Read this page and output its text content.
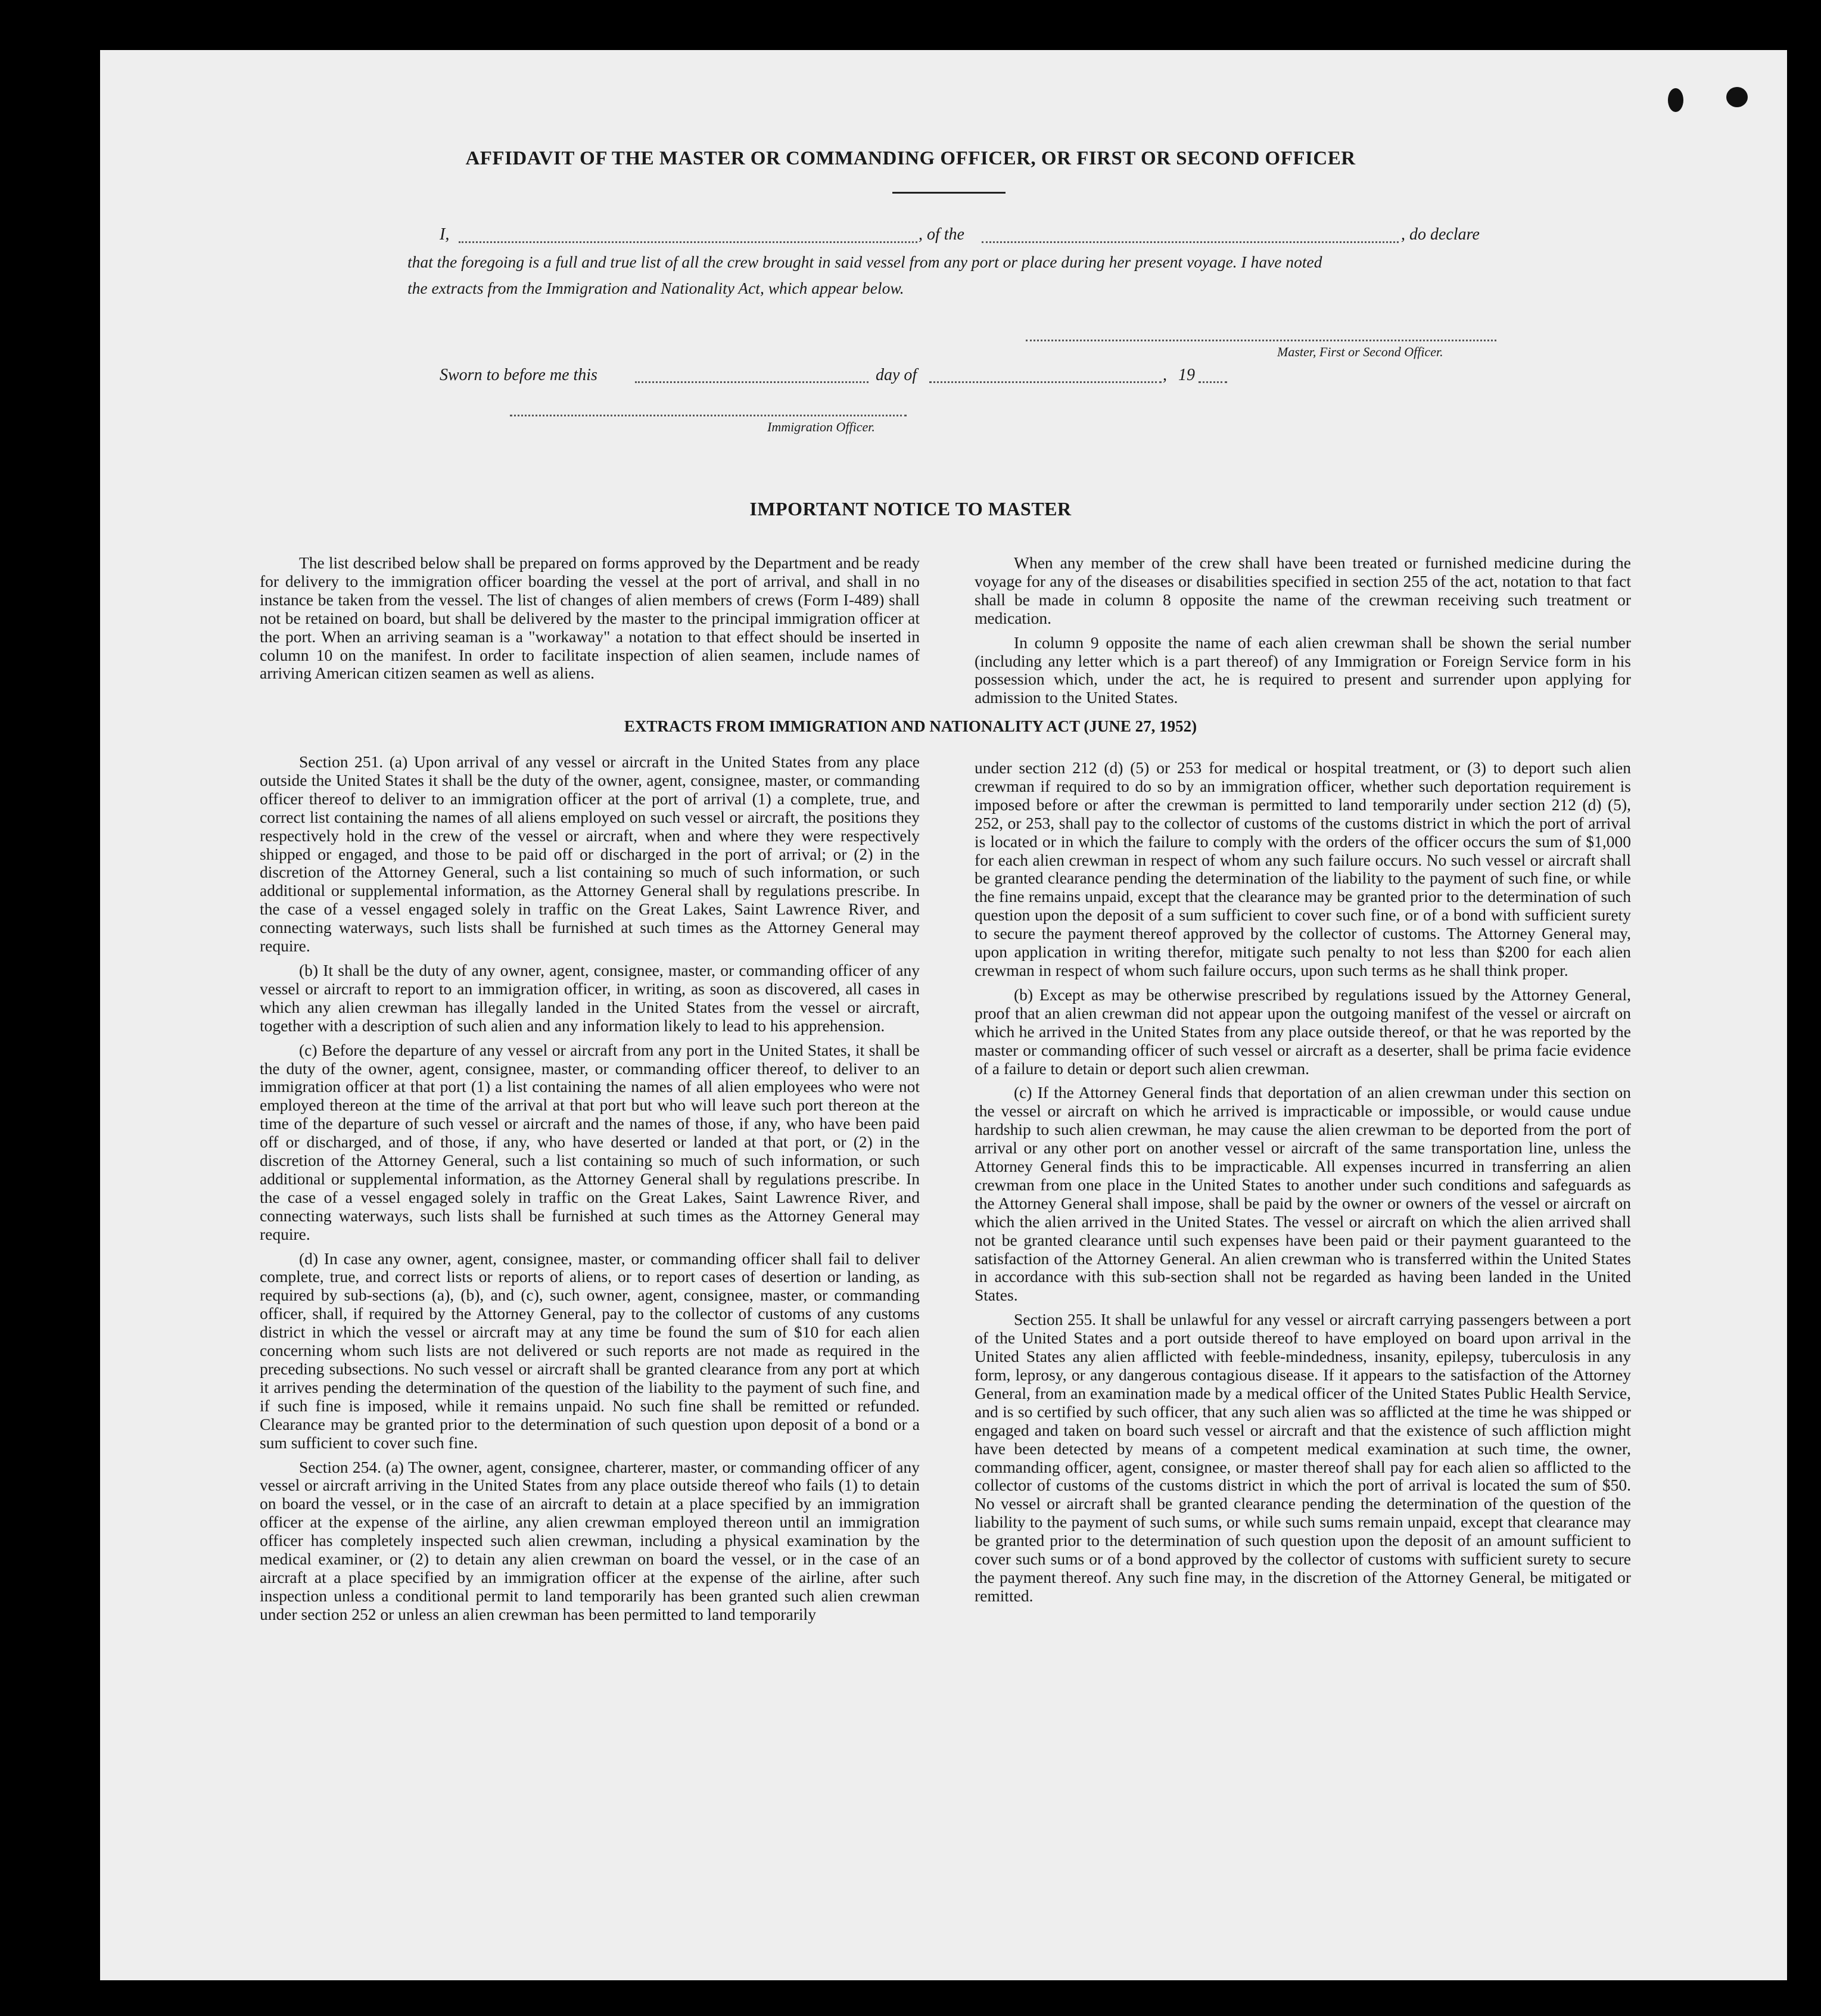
AFFIDAVIT OF THE MASTER OR COMMANDING OFFICER, OR FIRST OR SECOND OFFICER
I,	, of the	, do declare
that the foregoing is a full and true list of all the crew brought in said vessel from any port or place during her present voyage. I have noted
the extracts from the Immigration and Nationality Act, which appear below.
Master, First or Second Officer.
Sworn to before me this	day of	, 19
Immigration Officer.
IMPORTANT NOTICE TO MASTER

The list described below shall be prepared on forms approved by the Department and be ready for delivery to the immigration officer boarding the vessel at the port of arrival, and shall in no instance be taken from the vessel. The list of changes of alien members of crews (Form I-489) shall not be retained on board, but shall be delivered by the master to the principal immigration officer at the port. When an arriving seaman is a "workaway" a notation to that effect should be inserted in column 10 on the manifest. In order to facilitate inspection of alien seamen, include names of arriving American citizen seamen as well as aliens.

When any member of the crew shall have been treated or furnished medicine during the voyage for any of the diseases or disabilities specified in section 255 of the act, notation to that fact shall be made in column 8 opposite the name of the crewman receiving such treatment or medication.

In column 9 opposite the name of each alien crewman shall be shown the serial number (including any letter which is a part thereof) of any Immigration or Foreign Service form in his possession which, under the act, he is required to present and surrender upon applying for admission to the United States.

EXTRACTS FROM IMMIGRATION AND NATIONALITY ACT (JUNE 27, 1952)

Section 251. (a) Upon arrival of any vessel or aircraft in the United States from any place outside the United States it shall be the duty of the owner, agent, consignee, master, or commanding officer thereof to deliver to an immigration officer at the port of arrival (1) a complete, true, and correct list containing the names of all aliens employed on such vessel or aircraft, the positions they respectively hold in the crew of the vessel or aircraft, when and where they were respectively shipped or engaged, and those to be paid off or discharged in the port of arrival; or (2) in the discretion of the Attorney General, such a list containing so much of such information, or such additional or supplemental information, as the Attorney General shall by regulations prescribe. In the case of a vessel engaged solely in traffic on the Great Lakes, Saint Lawrence River, and connecting waterways, such lists shall be furnished at such times as the Attorney General may require.

(b) It shall be the duty of any owner, agent, consignee, master, or commanding officer of any vessel or aircraft to report to an immigration officer, in writing, as soon as discovered, all cases in which any alien crewman has illegally landed in the United States from the vessel or aircraft, together with a description of such alien and any information likely to lead to his apprehension.

(c) Before the departure of any vessel or aircraft from any port in the United States, it shall be the duty of the owner, agent, consignee, master, or commanding officer thereof, to deliver to an immigration officer at that port (1) a list containing the names of all alien employees who were not employed thereon at the time of the arrival at that port but who will leave such port thereon at the time of the departure of such vessel or aircraft and the names of those, if any, who have been paid off or discharged, and of those, if any, who have deserted or landed at that port, or (2) in the discretion of the Attorney General, such a list containing so much of such information, or such additional or supplemental information, as the Attorney General shall by regulations prescribe. In the case of a vessel engaged solely in traffic on the Great Lakes, Saint Lawrence River, and connecting waterways, such lists shall be furnished at such times as the Attorney General may require.

(d) In case any owner, agent, consignee, master, or commanding officer shall fail to deliver complete, true, and correct lists or reports of aliens, or to report cases of desertion or landing, as required by sub-sections (a), (b), and (c), such owner, agent, consignee, master, or commanding officer, shall, if required by the Attorney General, pay to the collector of customs of any customs district in which the vessel or aircraft may at any time be found the sum of $10 for each alien concerning whom such lists are not delivered or such reports are not made as required in the preceding subsections. No such vessel or aircraft shall be granted clearance from any port at which it arrives pending the determination of the question of the liability to the payment of such fine, and if such fine is imposed, while it remains unpaid. No such fine shall be remitted or refunded. Clearance may be granted prior to the determination of such question upon deposit of a bond or a sum sufficient to cover such fine.

Section 254. (a) The owner, agent, consignee, charterer, master, or commanding officer of any vessel or aircraft arriving in the United States from any place outside thereof who fails (1) to detain on board the vessel, or in the case of an aircraft to detain at a place specified by an immigration officer at the expense of the airline, any alien crewman employed thereon until an immigration officer has completely inspected such alien crewman, including a physical examination by the medical examiner, or (2) to detain any alien crewman on board the vessel, or in the case of an aircraft at a place specified by an immigration officer at the expense of the airline, after such inspection unless a conditional permit to land temporarily has been granted such alien crewman under section 252 or unless an alien crewman has been permitted to land temporarily

under section 212 (d) (5) or 253 for medical or hospital treatment, or (3) to deport such alien crewman if required to do so by an immigration officer, whether such deportation requirement is imposed before or after the crewman is permitted to land temporarily under section 212 (d) (5), 252, or 253, shall pay to the collector of customs of the customs district in which the port of arrival is located or in which the failure to comply with the orders of the officer occurs the sum of $1,000 for each alien crewman in respect of whom any such failure occurs. No such vessel or aircraft shall be granted clearance pending the determination of the liability to the payment of such fine, or while the fine remains unpaid, except that the clearance may be granted prior to the determination of such question upon the deposit of a sum sufficient to cover such fine, or of a bond with sufficient surety to secure the payment thereof approved by the collector of customs. The Attorney General may, upon application in writing therefor, mitigate such penalty to not less than $200 for each alien crewman in respect of whom such failure occurs, upon such terms as he shall think proper.

(b) Except as may be otherwise prescribed by regulations issued by the Attorney General, proof that an alien crewman did not appear upon the outgoing manifest of the vessel or aircraft on which he arrived in the United States from any place outside thereof, or that he was reported by the master or commanding officer of such vessel or aircraft as a deserter, shall be prima facie evidence of a failure to detain or deport such alien crewman.

(c) If the Attorney General finds that deportation of an alien crewman under this section on the vessel or aircraft on which he arrived is impracticable or impossible, or would cause undue hardship to such alien crewman, he may cause the alien crewman to be deported from the port of arrival or any other port on another vessel or aircraft of the same transportation line, unless the Attorney General finds this to be impracticable. All expenses incurred in transferring an alien crewman from one place in the United States to another under such conditions and safeguards as the Attorney General shall impose, shall be paid by the owner or owners of the vessel or aircraft on which the alien arrived in the United States. The vessel or aircraft on which the alien arrived shall not be granted clearance until such expenses have been paid or their payment guaranteed to the satisfaction of the Attorney General. An alien crewman who is transferred within the United States in accordance with this sub-section shall not be regarded as having been landed in the United States.

Section 255. It shall be unlawful for any vessel or aircraft carrying passengers between a port of the United States and a port outside thereof to have employed on board upon arrival in the United States any alien afflicted with feeble-mindedness, insanity, epilepsy, tuberculosis in any form, leprosy, or any dangerous contagious disease. If it appears to the satisfaction of the Attorney General, from an examination made by a medical officer of the United States Public Health Service, and is so certified by such officer, that any such alien was so afflicted at the time he was shipped or engaged and taken on board such vessel or aircraft and that the existence of such affliction might have been detected by means of a competent medical examination at such time, the owner, commanding officer, agent, consignee, or master thereof shall pay for each alien so afflicted to the collector of customs of the customs district in which the port of arrival is located the sum of $50. No vessel or aircraft shall be granted clearance pending the determination of the question of the liability to the payment of such sums, or while such sums remain unpaid, except that clearance may be granted prior to the determination of such question upon the deposit of an amount sufficient to cover such sums or of a bond approved by the collector of customs with sufficient surety to secure the payment thereof. Any such fine may, in the discretion of the Attorney General, be mitigated or remitted.
